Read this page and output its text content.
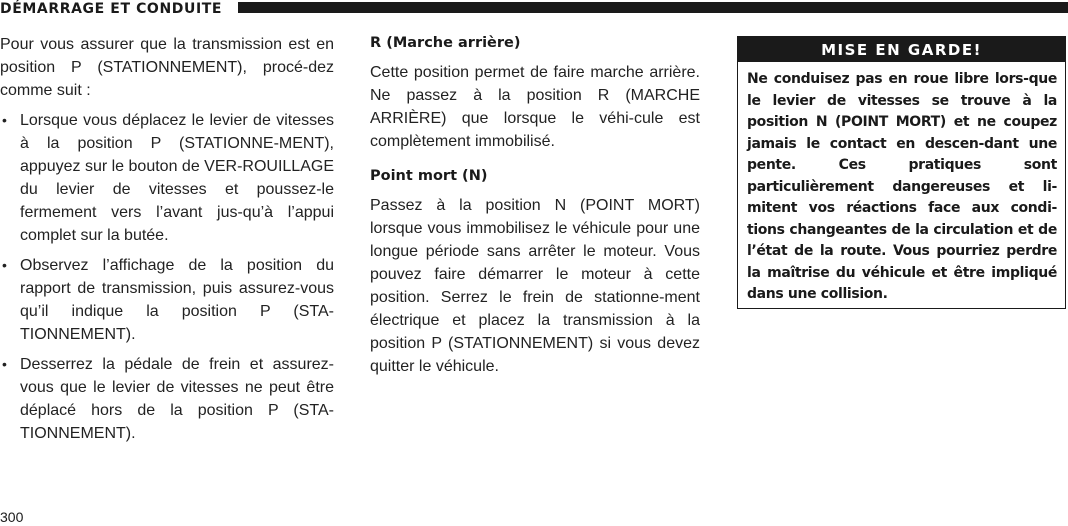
DÉMARRAGE ET CONDUITE

Pour vous assurer que la transmission est en position P (STATIONNEMENT), procé-dez comme suit :

• Lorsque vous déplacez le levier de vitesses à la position P (STATIONNE-MENT), appuyez sur le bouton de VER-ROUILLAGE du levier de vitesses et poussez-le fermement vers l’avant jus-qu’à l’appui complet sur la butée.
• Observez l’affichage de la position du rapport de transmission, puis assurez-vous qu’il indique la position P (STA-TIONNEMENT).
• Desserrez la pédale de frein et assurez-vous que le levier de vitesses ne peut être déplacé hors de la position P (STA-TIONNEMENT).
R (Marche arrière)

Cette position permet de faire marche arrière. Ne passez à la position R (MARCHE ARRIÈRE) que lorsque le véhi-cule est complètement immobilisé.

Point mort (N)

Passez à la position N (POINT MORT) lorsque vous immobilisez le véhicule pour une longue période sans arrêter le moteur. Vous pouvez faire démarrer le moteur à cette position. Serrez le frein de stationne-ment électrique et placez la transmission à la position P (STATIONNEMENT) si vous devez quitter le véhicule.

MISE EN GARDE!
Ne conduisez pas en roue libre lors-que le levier de vitesses se trouve à la position N (POINT MORT) et ne coupez jamais le contact en descen-dant une pente. Ces pratiques sont particulièrement dangereuses et li-mitent vos réactions face aux condi-tions changeantes de la circulation et de l’état de la route. Vous pourriez perdre la maîtrise du véhicule et être impliqué dans une collision.
300
